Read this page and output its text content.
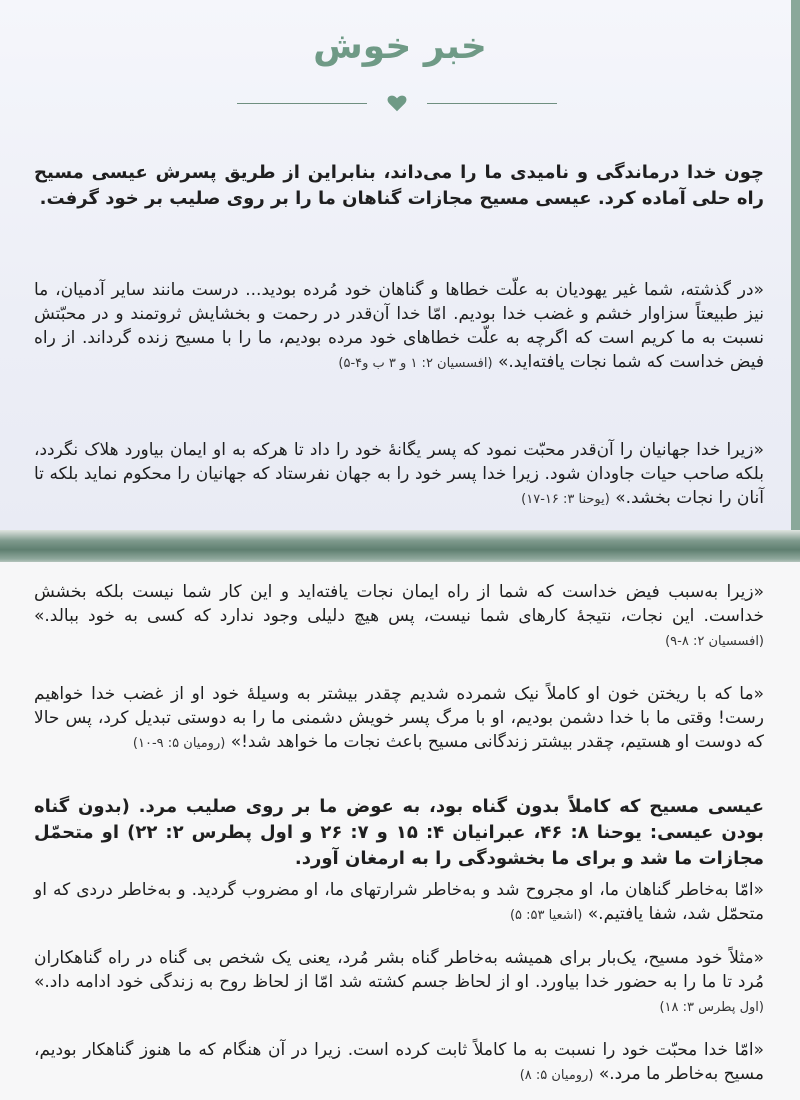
خبر خوش
چون خدا درماندگی و نامیدی ما را می‌داند، بنابراین از طریق پسرش عیسی مسیح راه حلی آماده کرد. عیسی مسیح مجازات گناهان ما را بر روی صلیب بر خود گرفت.
«در گذشته، شما غیر یهودیان به علّت خطاها و گناهان خود مُرده بودید... درست مانند سایر آدمیان، ما نیز طبیعتاً سزاوار خشم و غضب خدا بودیم. امّا خدا آن‌قدر در رحمت و بخشایش ثروتمند و در محبّتش نسبت به ما کریم است که اگرچه به علّت خطاهای خود مرده بودیم، ما را با مسیح زنده گرداند. از راه فیض خداست که شما نجات یافته‌اید.» (افسسیان ۲: ۱ و ۳ ب و۴-۵)
«زیرا خدا جهانیان را آن‌قدر محبّت نمود که پسر یگانهٔ خود را داد تا هرکه به او ایمان بیاورد هلاک نگردد، بلکه صاحب حیات جاودان شود. زیرا خدا پسر خود را به جهان نفرستاد که جهانیان را محکوم نماید بلکه تا آنان را نجات بخشد.» (یوحنا ۳: ۱۶-۱۷)
«زیرا به‌سبب فیض خداست که شما از راه ایمان نجات یافته‌اید و این کار شما نیست بلکه بخشش خداست. این نجات، نتیجهٔ کارهای شما نیست، پس هیچ دلیلی وجود ندارد که کسی به خود ببالد.» (افسسیان ۲: ۸-۹)
«ما که با ریختن خون او کاملاً نیک شمرده شدیم چقدر بیشتر به وسیلهٔ خود او از غضب خدا خواهیم رست! وقتی ما با خدا دشمن بودیم، او با مرگ پسر خویش دشمنی ما را به دوستی تبدیل کرد، پس حالا که دوست او هستیم، چقدر بیشتر زندگانی مسیح باعث نجات ما خواهد شد!» (رومیان ۵: ۹-۱۰)
عیسی مسیح که کاملاً بدون گناه بود، به عوض ما بر روی صلیب مرد. (بدون گناه بودن عیسی: یوحنا ۸: ۴۶، عبرانیان ۴: ۱۵ و ۷: ۲۶ و اول پطرس ۲: ۲۲) او متحمّل مجازات ما شد و برای ما بخشودگی را به ارمغان آورد.
«امّا به‌خاطر گناهان ما، او مجروح شد و به‌خاطر شرارتهای ما، او مضروب گردید. و به‌خاطر دردی که او متحمّل شد، شفا یافتیم.» (اشعیا ۵۳: ۵)
«مثلاً خود مسیح، یک‌بار برای همیشه به‌خاطر گناه بشر مُرد، یعنی یک شخص بی گناه در راه گناهکاران مُرد تا ما را به حضور خدا بیاورد. او از لحاظ جسم کشته شد امّا از لحاظ روح به زندگی خود ادامه داد.» (اول پطرس ۳: ۱۸)
«امّا خدا محبّت خود را نسبت به ما کاملاً ثابت کرده است. زیرا در آن هنگام که ما هنوز گناهکار بودیم، مسیح به‌خاطر ما مرد.» (رومیان ۵: ۸)
